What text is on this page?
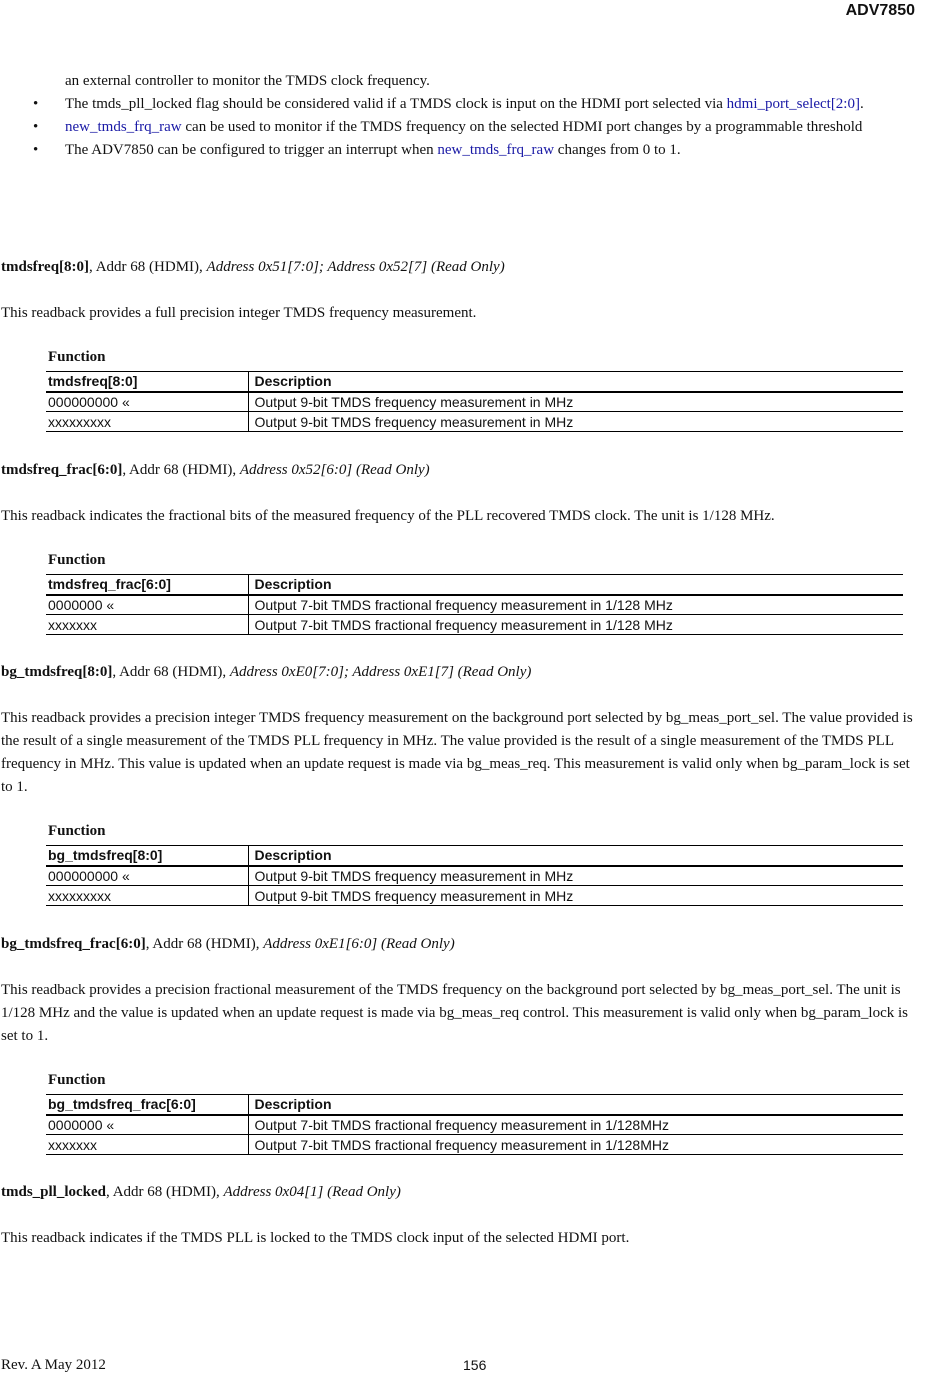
ADV7850
an external controller to monitor the TMDS clock frequency.
• The tmds_pll_locked flag should be considered valid if a TMDS clock is input on the HDMI port selected via hdmi_port_select[2:0].
• new_tmds_frq_raw can be used to monitor if the TMDS frequency on the selected HDMI port changes by a programmable threshold
• The ADV7850 can be configured to trigger an interrupt when new_tmds_frq_raw changes from 0 to 1.
tmdsfreq[8:0], Addr 68 (HDMI), Address 0x51[7:0]; Address 0x52[7] (Read Only)
This readback provides a full precision integer TMDS frequency measurement.
Function
tmdsfreq[8:0]	Description
000000000 «	Output 9-bit TMDS frequency measurement in MHz
xxxxxxxxx	Output 9-bit TMDS frequency measurement in MHz
tmdsfreq_frac[6:0], Addr 68 (HDMI), Address 0x52[6:0] (Read Only)
This readback indicates the fractional bits of the measured frequency of the PLL recovered TMDS clock. The unit is 1/128 MHz.
Function
tmdsfreq_frac[6:0]	Description
0000000 «	Output 7-bit TMDS fractional frequency measurement in 1/128 MHz
xxxxxxx	Output 7-bit TMDS fractional frequency measurement in 1/128 MHz
bg_tmdsfreq[8:0], Addr 68 (HDMI), Address 0xE0[7:0]; Address 0xE1[7] (Read Only)
This readback provides a precision integer TMDS frequency measurement on the background port selected by bg_meas_port_sel. The value provided is the result of a single measurement of the TMDS PLL frequency in MHz. The value provided is the result of a single measurement of the TMDS PLL frequency in MHz. This value is updated when an update request is made via bg_meas_req. This measurement is valid only when bg_param_lock is set to 1.
Function
bg_tmdsfreq[8:0]	Description
000000000 «	Output 9-bit TMDS frequency measurement in MHz
xxxxxxxxx	Output 9-bit TMDS frequency measurement in MHz
bg_tmdsfreq_frac[6:0], Addr 68 (HDMI), Address 0xE1[6:0] (Read Only)
This readback provides a precision fractional measurement of the TMDS frequency on the background port selected by bg_meas_port_sel. The unit is 1/128 MHz and the value is updated when an update request is made via bg_meas_req control. This measurement is valid only when bg_param_lock is set to 1.
Function
bg_tmdsfreq_frac[6:0]	Description
0000000 «	Output 7-bit TMDS fractional frequency measurement in 1/128MHz
xxxxxxx	Output 7-bit TMDS fractional frequency measurement in 1/128MHz
tmds_pll_locked, Addr 68 (HDMI), Address 0x04[1] (Read Only)
This readback indicates if the TMDS PLL is locked to the TMDS clock input of the selected HDMI port.
Rev. A May 2012	156
